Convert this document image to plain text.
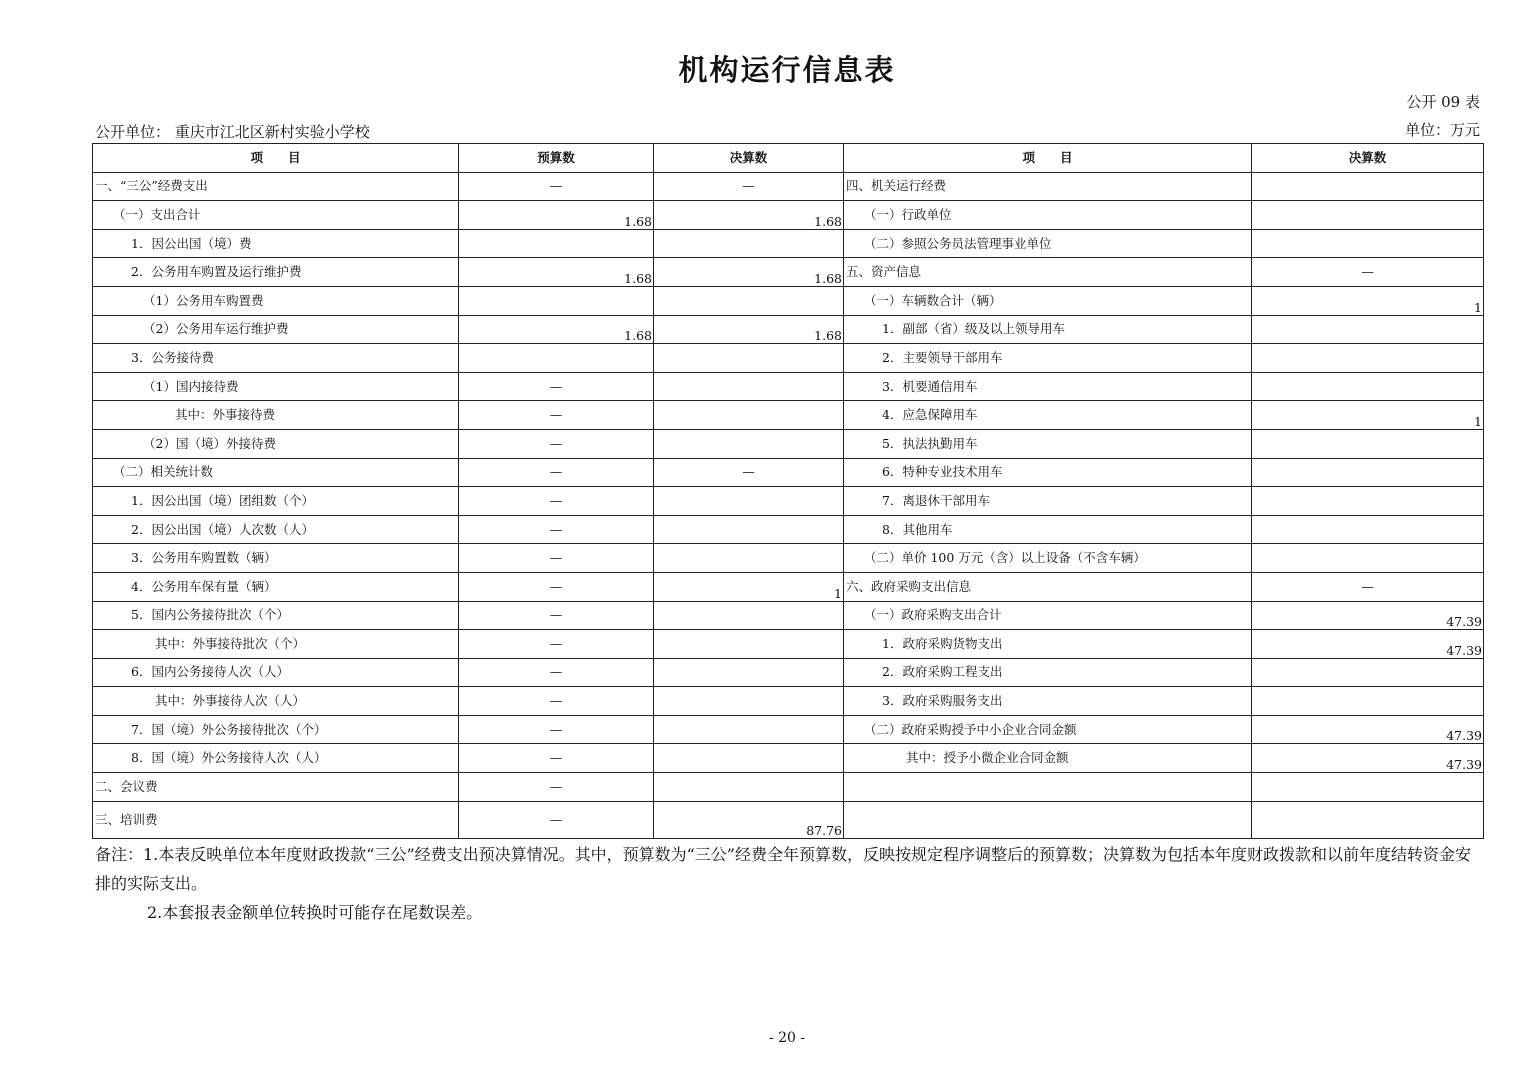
机构运行信息表
公开 09 表
公开单位： 重庆市江北区新村实验小学校	单位：万元
项　　目	预算数	决算数	项　　目	决算数
一、“三公”经费支出	—	—	四、机关运行经费	
（一）支出合计	1.68	1.68	（一）行政单位	
1．因公出国（境）费			（二）参照公务员法管理事业单位	
2．公务用车购置及运行维护费	1.68	1.68	五、资产信息	—
（1）公务用车购置费			（一）车辆数合计（辆）	1
（2）公务用车运行维护费	1.68	1.68	1．副部（省）级及以上领导用车	
3．公务接待费			2．主要领导干部用车	
（1）国内接待费	—		3．机要通信用车	
其中：外事接待费	—		4．应急保障用车	1
（2）国（境）外接待费	—		5．执法执勤用车	
（二）相关统计数	—	—	6．特种专业技术用车	
1．因公出国（境）团组数（个）	—		7．离退休干部用车	
2．因公出国（境）人次数（人）	—		8．其他用车	
3．公务用车购置数（辆）	—		（二）单价 100 万元（含）以上设备（不含车辆）	
4．公务用车保有量（辆）	—	1	六、政府采购支出信息	—
5．国内公务接待批次（个）	—		（一）政府采购支出合计	47.39
其中：外事接待批次（个）	—		1．政府采购货物支出	47.39
6．国内公务接待人次（人）	—		2．政府采购工程支出	
其中：外事接待人次（人）	—		3．政府采购服务支出	
7．国（境）外公务接待批次（个）	—		（二）政府采购授予中小企业合同金额	47.39
8．国（境）外公务接待人次（人）	—		其中：授予小微企业合同金额	47.39
二、会议费	—			
三、培训费	—	87.76		
备注：1.本表反映单位本年度财政拨款“三公”经费支出预决算情况。其中，预算数为“三公”经费全年预算数，反映按规定程序调整后的预算数；决算数为包括本年度财政拨款和以前年度结转资金安排的实际支出。
2.本套报表金额单位转换时可能存在尾数误差。
- 20 -
